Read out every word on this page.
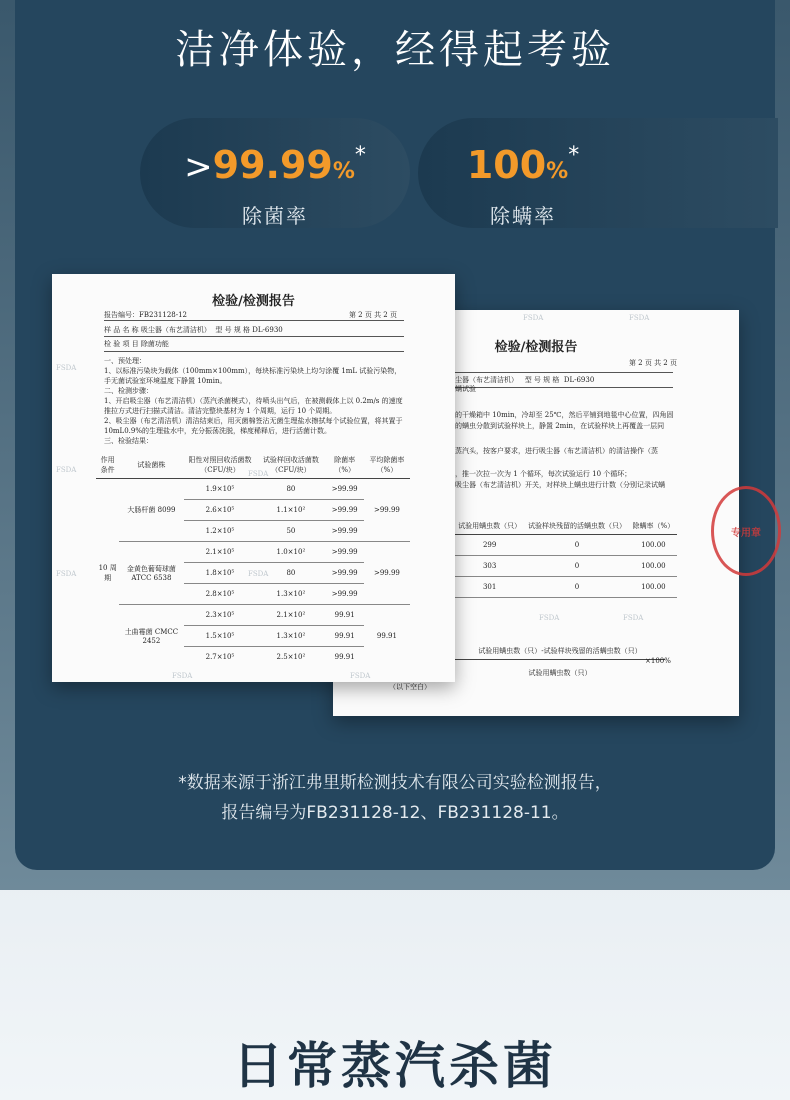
洁净体验，经得起考验
>99.99%*
除菌率
100%*
除螨率
FSDA	FSDA
检验/检测报告
第 2 页 共 2 页
尘器（布艺清洁机） 型 号 规 格 DL-6930
螨试验
的干燥箱中 10min，冷却至 25℃，然后平铺到地毯中心位置，四角固
的螨虫分散到试验样块上，静置 2min，在试验样块上再覆盖一层同
蒸汽头，按客户要求，进行吸尘器（布艺清洁机）的清洁操作（蒸
，推一次拉一次为 1 个循环，每次试验运行 10 个循环；
吸尘器（布艺清洁机）开关，对样块上螨虫进行计数（分别记录试螨
试验用螨虫数（只）	试验样块残留的活螨虫数（只）	除螨率（%）
299	0	100.00
303	0	100.00
301	0	100.00
试验用螨虫数（只）-试验样块残留的活螨虫数（只）
试验用螨虫数（只）
×100%
（以下空白）
专用章
FSDA	FSDA
检验/检测报告
报告编号：FB231128-12	第 2 页 共 2 页
样 品 名 称 吸尘器（布艺清洁机） 型 号 规 格 DL-6930
检 验 项 目 除菌功能
一、预处理：
1、以标准污染块为载体（100mm×100mm），每块标准污染块上均匀涂覆 1mL 试验污染物，手无菌试验室环境温度下静置 10min。
二、检测步骤：
1、开启吸尘器（布艺清洁机）（蒸汽杀菌模式），待喷头出气后，在被测载体上以 0.2m/s 的速度推拉方式进行扫描式清洁。清洁完整块基材为 1 个周期，运行 10 个周期。
2、吸尘器（布艺清洁机）清洁结束后，用灭菌棉签沾无菌生理盐水擦拭每个试验位置，将其置于 10mL0.9%的生理盐水中，充分振荡洗脱，梯度稀释后，进行活菌计数。
三、检验结果：
作用条件	试验菌株	阳性对照回收活菌数（CFU/块）	试验样回收活菌数（CFU/块）	除菌率（%）	平均除菌率（%）
10 周期	大肠杆菌 8099	1.9×10⁵	80	>99.99	>99.99
		2.6×10⁵	1.1×10²	>99.99	
		1.2×10⁵	50	>99.99	
	金黄色葡萄球菌 ATCC 6538	2.1×10⁵	1.0×10²	>99.99	>99.99
		1.8×10⁵	80	>99.99	
		2.8×10⁵	1.3×10²	>99.99	
	土曲霉菌 CMCC 2452	2.3×10⁵	2.1×10²	99.91	99.91
		1.5×10⁵	1.3×10²	99.91	
		2.7×10⁵	2.5×10²	99.91	
FSDA
FSDA	FSDA
FSDA	FSDA
FSDA	FSDA
*数据来源于浙江弗里斯检测技术有限公司实验检测报告，
报告编号为FB231128-12、FB231128-11。
日常蒸汽杀菌
